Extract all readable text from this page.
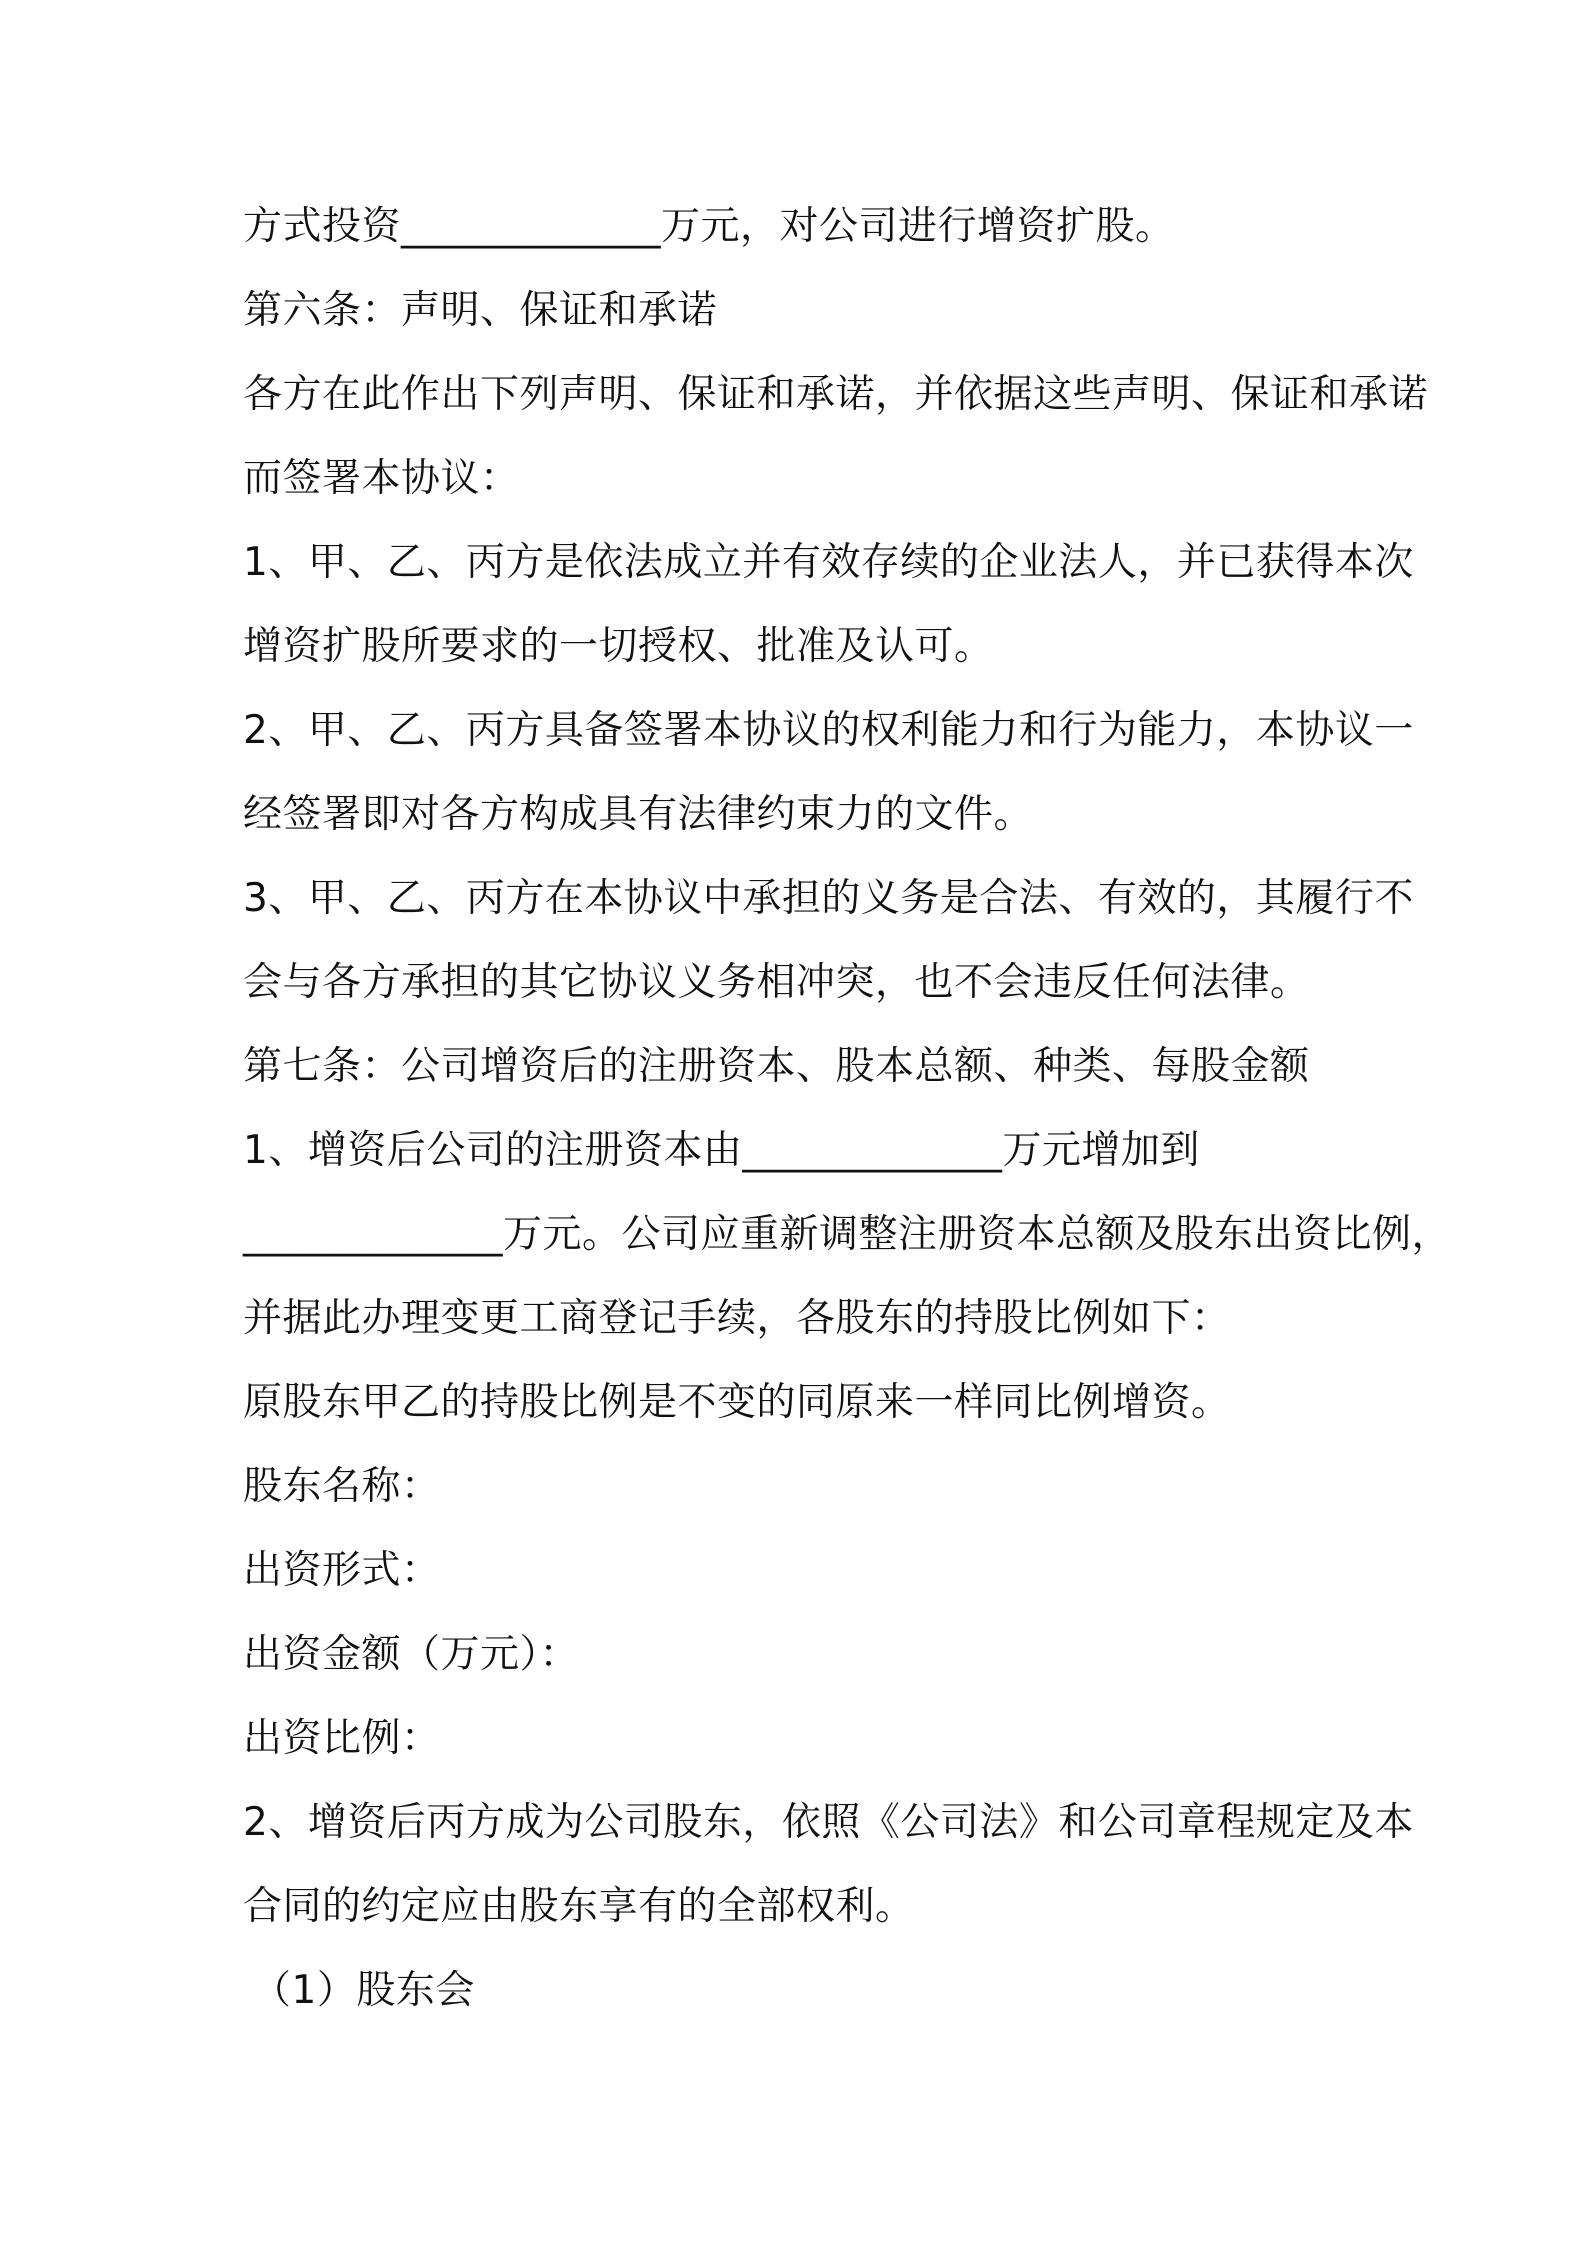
方式投资_____________万元，对公司进行增资扩股。
第六条：声明、保证和承诺
各方在此作出下列声明、保证和承诺，并依据这些声明、保证和承诺
而签署本协议：
1、甲、乙、丙方是依法成立并有效存续的企业法人，并已获得本次
增资扩股所要求的一切授权、批准及认可。
2、甲、乙、丙方具备签署本协议的权利能力和行为能力，本协议一
经签署即对各方构成具有法律约束力的文件。
3、甲、乙、丙方在本协议中承担的义务是合法、有效的，其履行不
会与各方承担的其它协议义务相冲突，也不会违反任何法律。
第七条：公司增资后的注册资本、股本总额、种类、每股金额
1、增资后公司的注册资本由_____________万元增加到
_____________万元。公司应重新调整注册资本总额及股东出资比例，
并据此办理变更工商登记手续，各股东的持股比例如下：
原股东甲乙的持股比例是不变的同原来一样同比例增资。
股东名称：
出资形式：
出资金额（万元）：
出资比例：
2、增资后丙方成为公司股东，依照《公司法》和公司章程规定及本
合同的约定应由股东享有的全部权利。
（1）股东会
